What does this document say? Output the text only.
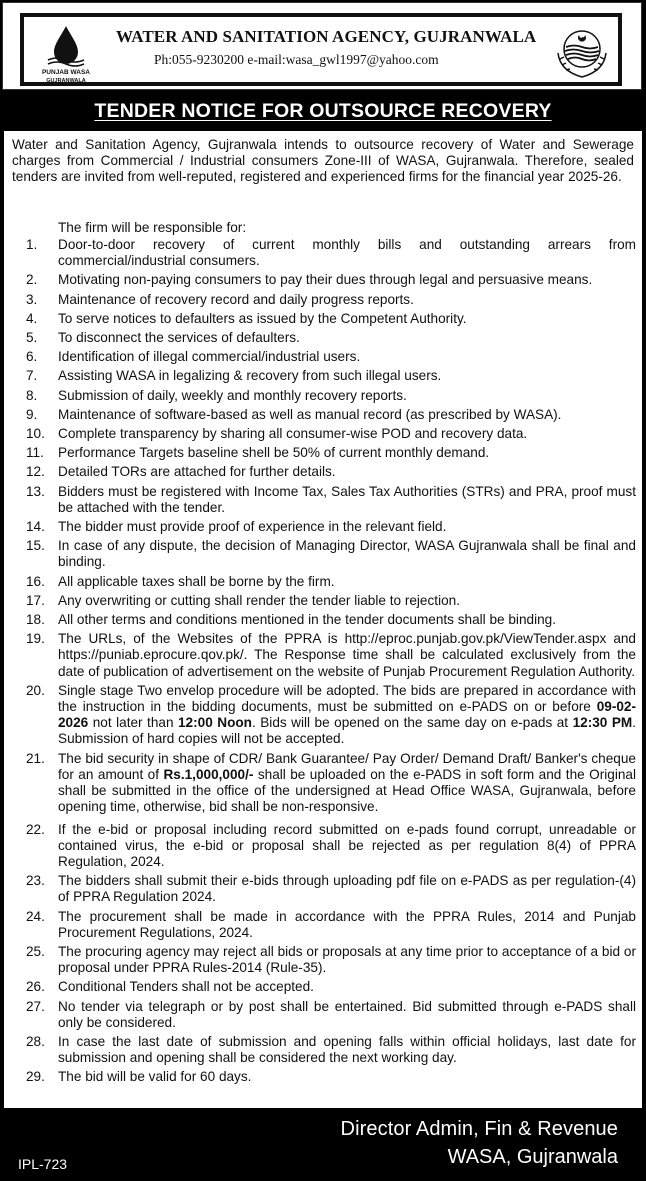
PUNJAB WASA
GUJRANWALA
WATER AND SANITATION AGENCY, GUJRANWALA
Ph:055-9230200 e-mail:wasa_gwl1997@yahoo.com
TENDER NOTICE FOR OUTSOURCE RECOVERY
Water and Sanitation Agency, Gujranwala intends to outsource recovery of Water and Sewerage charges from Commercial / Industrial consumers Zone-III of WASA, Gujranwala. Therefore, sealed tenders are invited from well-reputed, registered and experienced firms for the financial year 2025-26.
The firm will be responsible for:
1.	Door-to-door recovery of current monthly bills and outstanding arrears from commercial/industrial consumers.
2.	Motivating non-paying consumers to pay their dues through legal and persuasive means.
3.	Maintenance of recovery record and daily progress reports.
4.	To serve notices to defaulters as issued by the Competent Authority.
5.	To disconnect the services of defaulters.
6.	Identification of illegal commercial/industrial users.
7.	Assisting WASA in legalizing & recovery from such illegal users.
8.	Submission of daily, weekly and monthly recovery reports.
9.	Maintenance of software-based as well as manual record (as prescribed by WASA).
10. Complete transparency by sharing all consumer-wise POD and recovery data.
11.	Performance Targets baseline shell be 50% of current monthly demand.
12. Detailed TORs are attached for further details.
13. Bidders must be registered with Income Tax, Sales Tax Authorities (STRs) and PRA, proof must be attached with the tender.
14. The bidder must provide proof of experience in the relevant field.
15. In case of any dispute, the decision of Managing Director, WASA Gujranwala shall be final and binding.
16. All applicable taxes shall be borne by the firm.
17. Any overwriting or cutting shall render the tender liable to rejection.
18. All other terms and conditions mentioned in the tender documents shall be binding.
19. The URLs, of the Websites of the PPRA is http://eproc.punjab.gov.pk/ViewTender.aspx and https://puniab.eprocure.qov.pk/. The Response time shall be calculated exclusively from the date of publication of advertisement on the website of Punjab Procurement Regulation Authority.
20. Single stage Two envelop procedure will be adopted. The bids are prepared in accordance with the instruction in the bidding documents, must be submitted on e-PADS on or before 09-02-2026 not later than 12:00 Noon. Bids will be opened on the same day on e-pads at 12:30 PM. Submission of hard copies will not be accepted.
21. The bid security in shape of CDR/ Bank Guarantee/ Pay Order/ Demand Draft/ Banker's cheque for an amount of Rs.1,000,000/- shall be uploaded on the e-PADS in soft form and the Original shall be submitted in the office of the undersigned at Head Office WASA, Gujranwala, before opening time, otherwise, bid shall be non-responsive.
22. If the e-bid or proposal including record submitted on e-pads found corrupt, unreadable or contained virus, the e-bid or proposal shall be rejected as per regulation 8(4) of PPRA Regulation, 2024.
23. The bidders shall submit their e-bids through uploading pdf file on e-PADS as per regulation-(4) of PPRA Regulation 2024.
24. The procurement shall be made in accordance with the PPRA Rules, 2014 and Punjab Procurement Regulations, 2024.
25. The procuring agency may reject all bids or proposals at any time prior to acceptance of a bid or proposal under PPRA Rules-2014 (Rule-35).
26. Conditional Tenders shall not be accepted.
27. No tender via telegraph or by post shall be entertained. Bid submitted through e-PADS shall only be considered.
28. In case the last date of submission and opening falls within official holidays, last date for submission and opening shall be considered the next working day.
29. The bid will be valid for 60 days.
Director Admin, Fin & Revenue
WASA, Gujranwala
IPL-723
